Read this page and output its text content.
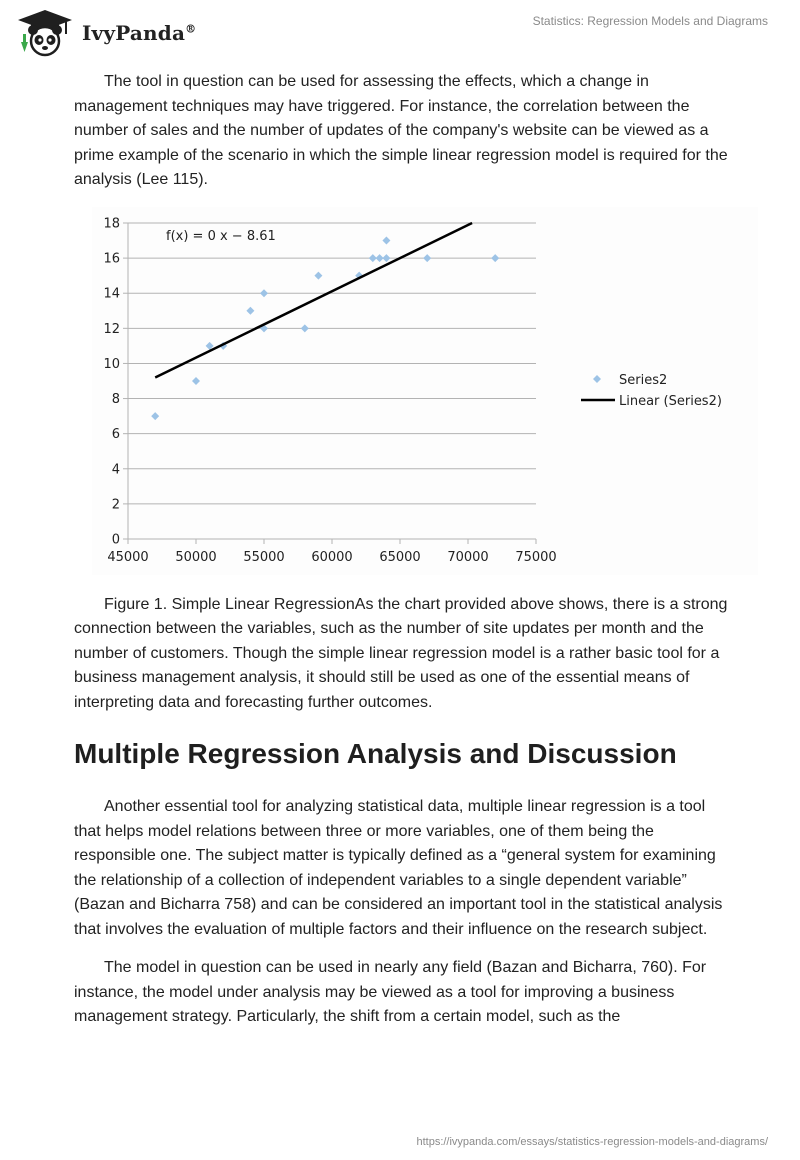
IvyPanda®
Statistics: Regression Models and Diagrams

The tool in question can be used for assessing the effects, which a change in management techniques may have triggered. For instance, the correlation between the number of sales and the number of updates of the company's website can be viewed as a prime example of the scenario in which the simple linear regression model is required for the analysis (Lee 115).

0
2
4
6
8
10
12
14
16
18
45000 50000 55000 60000 65000 70000 75000
f(x) = 0 x − 8.61
Series2
Linear (Series2)

Figure 1. Simple Linear RegressionAs the chart provided above shows, there is a strong connection between the variables, such as the number of site updates per month and the number of customers. Though the simple linear regression model is a rather basic tool for a business management analysis, it should still be used as one of the essential means of interpreting data and forecasting further outcomes.

Multiple Regression Analysis and Discussion

Another essential tool for analyzing statistical data, multiple linear regression is a tool that helps model relations between three or more variables, one of them being the responsible one. The subject matter is typically defined as a “general system for examining the relationship of a collection of independent variables to a single dependent variable” (Bazan and Bicharra 758) and can be considered an important tool in the statistical analysis that involves the evaluation of multiple factors and their influence on the research subject.

The model in question can be used in nearly any field (Bazan and Bicharra, 760). For instance, the model under analysis may be viewed as a tool for improving a business management strategy. Particularly, the shift from a certain model, such as the

https://ivypanda.com/essays/statistics-regression-models-and-diagrams/
